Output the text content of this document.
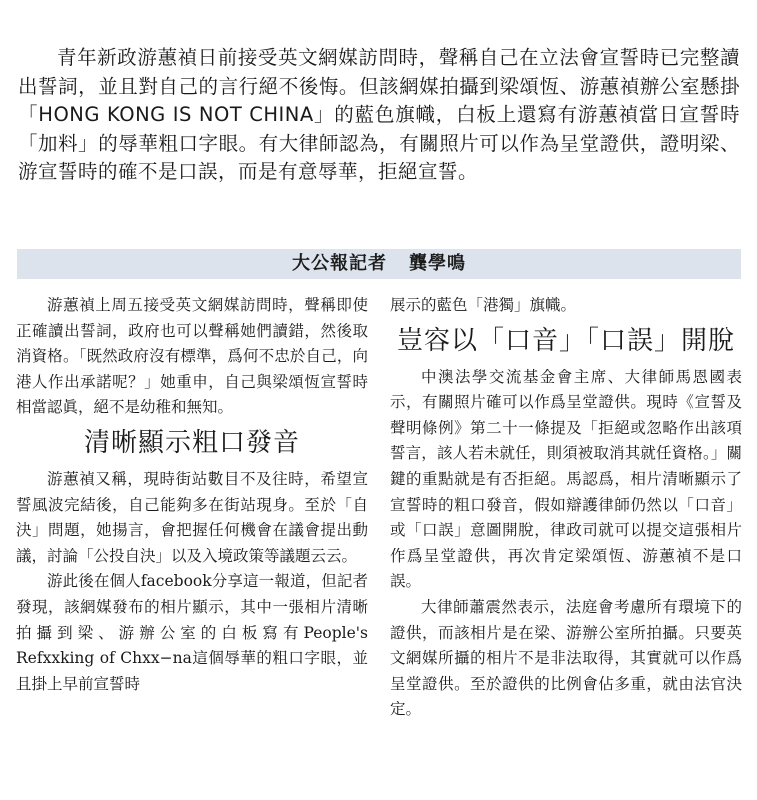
青年新政游蕙禎日前接受英文網媒訪問時，聲稱自己在立法會宣誓時已完整讀出誓詞，並且對自己的言行絕不後悔。但該網媒拍攝到梁頌恆、游蕙禎辦公室懸掛「HONG KONG IS NOT CHINA」的藍色旗幟，白板上還寫有游蕙禎當日宣誓時「加料」的辱華粗口字眼。有大律師認為，有關照片可以作為呈堂證供，證明梁、游宣誓時的確不是口誤，而是有意辱華，拒絕宣誓。

大公報記者 龔學鳴

游蕙禎上周五接受英文網媒訪問時，聲稱即使正確讀出誓詞，政府也可以聲稱她們讀錯，然後取消資格。「既然政府沒有標準，爲何不忠於自己，向港人作出承諾呢？」她重申，自己與梁頌恆宣誓時相當認眞，絕不是幼稚和無知。

清晰顯示粗口發音

游蕙禎又稱，現時街站數目不及往時，希望宣誓風波完結後，自己能夠多在街站現身。至於「自決」問題，她揚言，會把握任何機會在議會提出動議，討論「公投自決」以及入境政策等議題云云。

游此後在個人facebook分享這一報道，但記者發現，該網媒發布的相片顯示，其中一張相片清晰拍攝到梁、游辦公室的白板寫有People's Refxxking of Chxx−na這個辱華的粗口字眼，並且掛上早前宣誓時

展示的藍色「港獨」旗幟。

豈容以「口音」「口誤」開脫

中澳法學交流基金會主席、大律師馬恩國表示，有關照片確可以作爲呈堂證供。現時《宣誓及聲明條例》第二十一條提及「拒絕或忽略作出該項誓言，該人若未就任，則須被取消其就任資格。」關鍵的重點就是有否拒絕。馬認爲，相片清晰顯示了宣誓時的粗口發音，假如辯護律師仍然以「口音」或「口誤」意圖開脫，律政司就可以提交這張相片作爲呈堂證供，再次肯定梁頌恆、游蕙禎不是口誤。

大律師蕭震然表示，法庭會考慮所有環境下的證供，而該相片是在梁、游辦公室所拍攝。只要英文網媒所攝的相片不是非法取得，其實就可以作爲呈堂證供。至於證供的比例會佔多重，就由法官決定。
